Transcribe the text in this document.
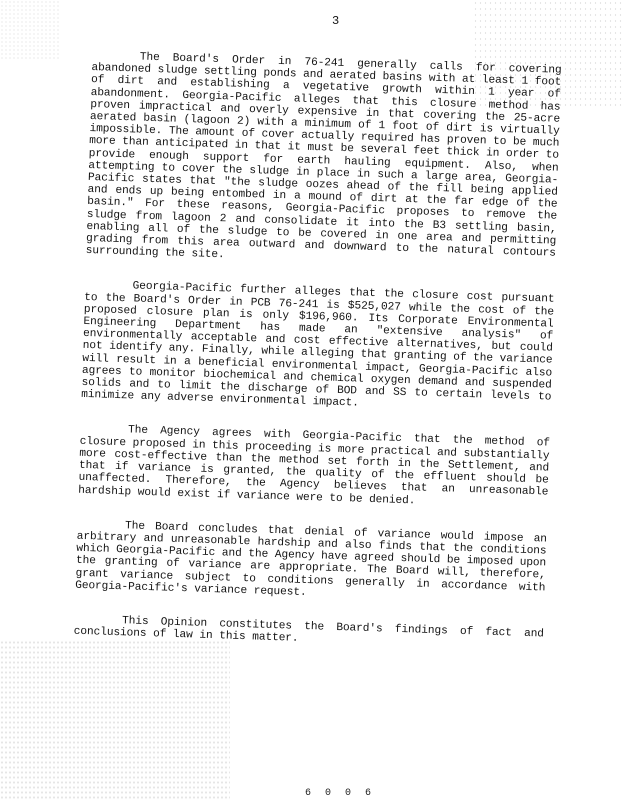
3

The Board's Order in 76-241 generally calls for covering abandoned sludge settling ponds and aerated basins with at least 1 foot of dirt and establishing a vegetative growth within 1 year of abandonment. Georgia-Pacific alleges that this closure method has proven impractical and overly expensive in that covering the 25-acre aerated basin (lagoon 2) with a minimum of 1 foot of dirt is virtually impossible. The amount of cover actually required has proven to be much more than anticipated in that it must be several feet thick in order to provide enough support for earth hauling equipment. Also, when attempting to cover the sludge in place in such a large area, Georgia-Pacific states that "the sludge oozes ahead of the fill being applied and ends up being entombed in a mound of dirt at the far edge of the basin." For these reasons, Georgia-Pacific proposes to remove the sludge from lagoon 2 and consolidate it into the B3 settling basin, enabling all of the sludge to be covered in one area and permitting grading from this area outward and downward to the natural contours surrounding the site.

Georgia-Pacific further alleges that the closure cost pursuant to the Board's Order in PCB 76-241 is $525,027 while the cost of the proposed closure plan is only $196,960. Its Corporate Environmental Engineering Department has made an "extensive analysis" of environmentally acceptable and cost effective alternatives, but could not identify any. Finally, while alleging that granting of the variance will result in a beneficial environmental impact, Georgia-Pacific also agrees to monitor biochemical and chemical oxygen demand and suspended solids and to limit the discharge of BOD and SS to certain levels to minimize any adverse environmental impact.

The Agency agrees with Georgia-Pacific that the method of closure proposed in this proceeding is more practical and substantially more cost-effective than the method set forth in the Settlement, and that if variance is granted, the quality of the effluent should be unaffected. Therefore, the Agency believes that an unreasonable hardship would exist if variance were to be denied.

The Board concludes that denial of variance would impose an arbitrary and unreasonable hardship and also finds that the conditions which Georgia-Pacific and the Agency have agreed should be imposed upon the granting of variance are appropriate. The Board will, therefore, grant variance subject to conditions generally in accordance with Georgia-Pacific's variance request.

This Opinion constitutes the Board's findings of fact and conclusions of law in this matter.

6 0 0 6
